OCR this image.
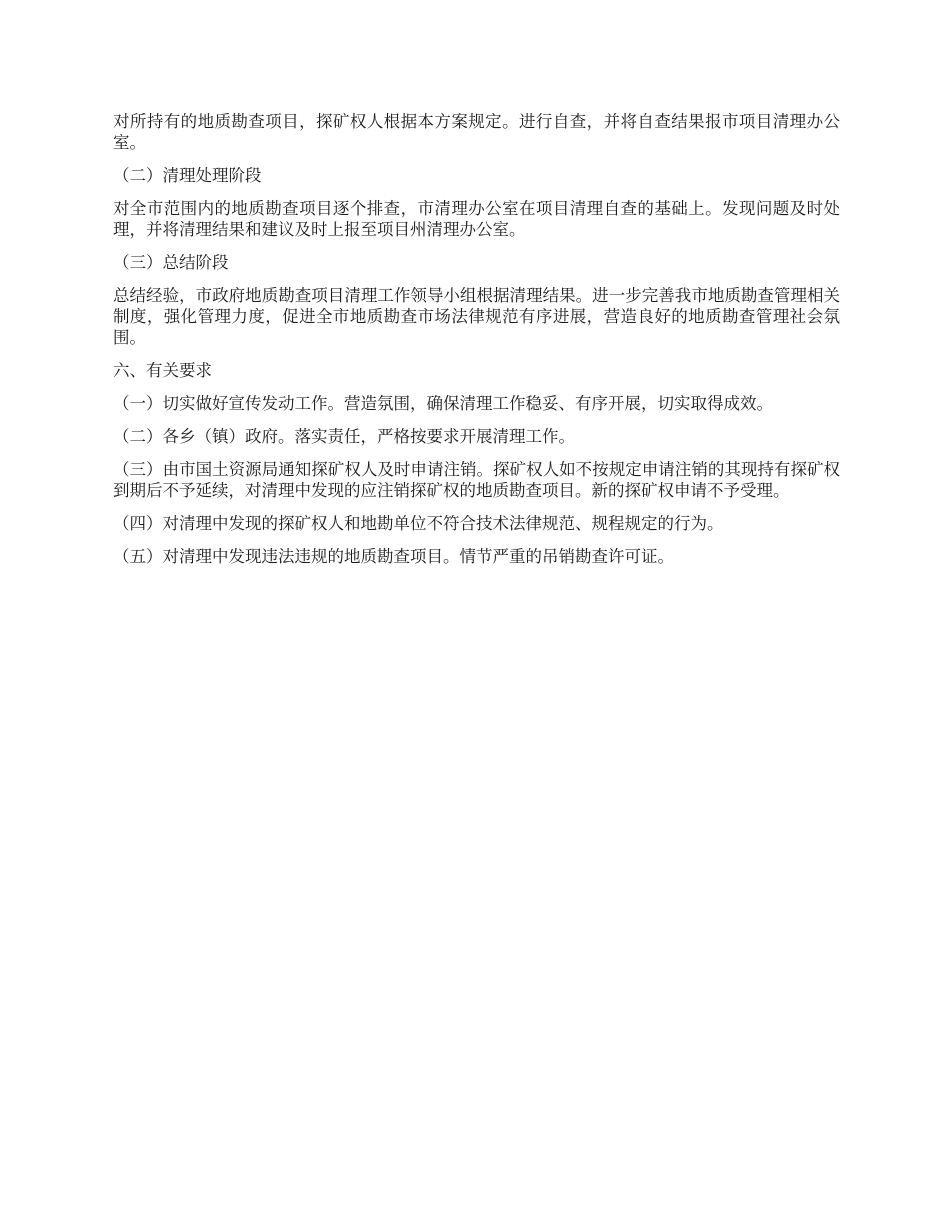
对所持有的地质勘查项目，探矿权人根据本方案规定。进行自查，并将自查结果报市项目清理办公室。

（二）清理处理阶段

对全市范围内的地质勘查项目逐个排查，市清理办公室在项目清理自查的基础上。发现问题及时处理，并将清理结果和建议及时上报至项目州清理办公室。

（三）总结阶段

总结经验，市政府地质勘查项目清理工作领导小组根据清理结果。进一步完善我市地质勘查管理相关制度，强化管理力度，促进全市地质勘查市场法律规范有序进展，营造良好的地质勘查管理社会氛围。

六、有关要求

（一）切实做好宣传发动工作。营造氛围，确保清理工作稳妥、有序开展，切实取得成效。

（二）各乡（镇）政府。落实责任，严格按要求开展清理工作。

（三）由市国土资源局通知探矿权人及时申请注销。探矿权人如不按规定申请注销的其现持有探矿权到期后不予延续，对清理中发现的应注销探矿权的地质勘查项目。新的探矿权申请不予受理。

（四）对清理中发现的探矿权人和地勘单位不符合技术法律规范、规程规定的行为。

（五）对清理中发现违法违规的地质勘查项目。情节严重的吊销勘查许可证。
